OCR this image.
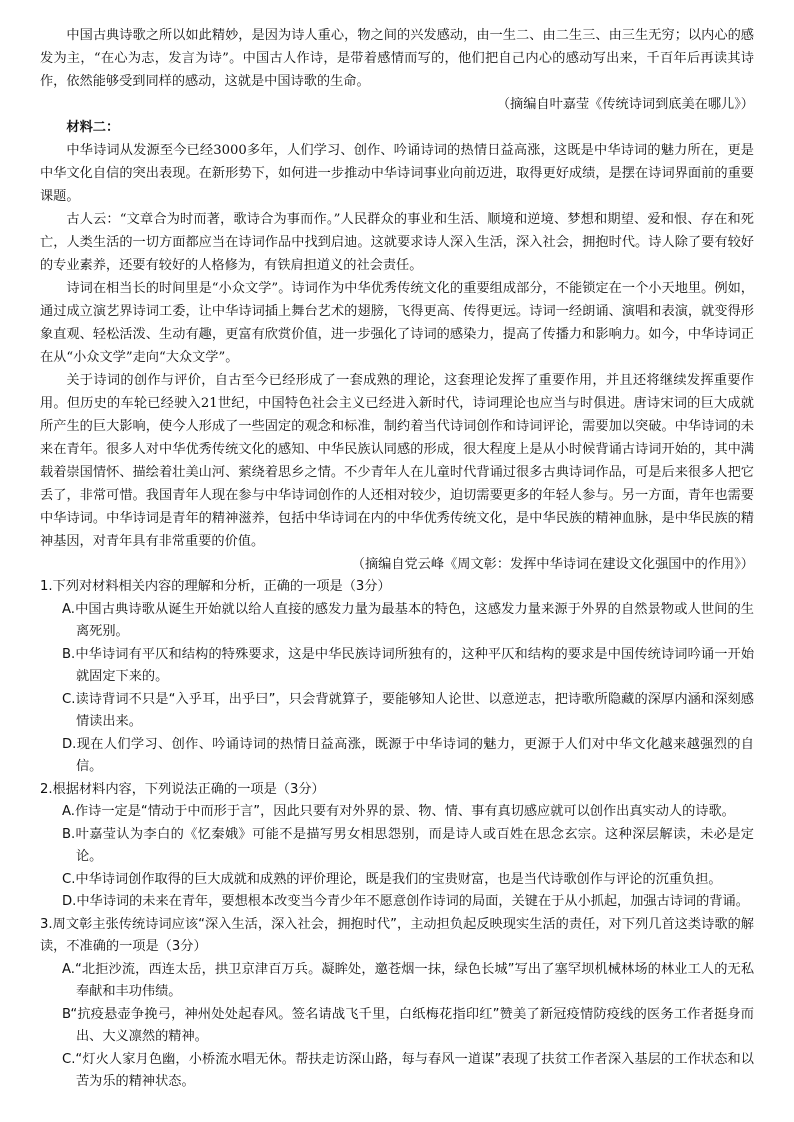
中国古典诗歌之所以如此精妙，是因为诗人重心，物之间的兴发感动，由一生二、由二生三、由三生无穷；以内心的感发为主，“在心为志，发言为诗”。中国古人作诗，是带着感情而写的，他们把自己内心的感动写出来，千百年后再读其诗作，依然能够受到同样的感动，这就是中国诗歌的生命。

（摘编自叶嘉莹《传统诗词到底美在哪儿》）

材料二：

中华诗词从发源至今已经3000多年，人们学习、创作、吟诵诗词的热情日益高涨，这既是中华诗词的魅力所在，更是中华文化自信的突出表现。在新形势下，如何进一步推动中华诗词事业向前迈进，取得更好成绩，是摆在诗词界面前的重要课题。

古人云：“文章合为时而著，歌诗合为事而作。”人民群众的事业和生活、顺境和逆境、梦想和期望、爱和恨、存在和死亡，人类生活的一切方面都应当在诗词作品中找到启迪。这就要求诗人深入生活，深入社会，拥抱时代。诗人除了要有较好的专业素养，还要有较好的人格修为，有铁肩担道义的社会责任。

诗词在相当长的时间里是“小众文学”。诗词作为中华优秀传统文化的重要组成部分，不能锁定在一个小天地里。例如，通过成立演艺界诗词工委，让中华诗词插上舞台艺术的翅膀，飞得更高、传得更远。诗词一经朗诵、演唱和表演，就变得形象直观、轻松活泼、生动有趣，更富有欣赏价值，进一步强化了诗词的感染力，提高了传播力和影响力。如今，中华诗词正在从“小众文学”走向“大众文学”。

关于诗词的创作与评价，自古至今已经形成了一套成熟的理论，这套理论发挥了重要作用，并且还将继续发挥重要作用。但历史的车轮已经驶入21世纪，中国特色社会主义已经进入新时代，诗词理论也应当与时俱进。唐诗宋词的巨大成就所产生的巨大影响，使今人形成了一些固定的观念和标准，制约着当代诗词创作和诗词评论，需要加以突破。中华诗词的未来在青年。很多人对中华优秀传统文化的感知、中华民族认同感的形成，很大程度上是从小时候背诵古诗词开始的，其中满载着崇国情怀、描绘着壮美山河、萦绕着思乡之情。不少青年人在儿童时代背诵过很多古典诗词作品，可是后来很多人把它丢了，非常可惜。我国青年人现在参与中华诗词创作的人还相对较少，迫切需要更多的年轻人参与。另一方面，青年也需要中华诗词。中华诗词是青年的精神滋养，包括中华诗词在内的中华优秀传统文化，是中华民族的精神血脉，是中华民族的精神基因，对青年具有非常重要的价值。

（摘编自党云峰《周文彰：发挥中华诗词在建设文化强国中的作用》）

1.下列对材料相关内容的理解和分析，正确的一项是（3分）

A.中国古典诗歌从诞生开始就以给人直接的感发力量为最基本的特色，这感发力量来源于外界的自然景物或人世间的生离死别。

B.中华诗词有平仄和结构的特殊要求，这是中华民族诗词所独有的，这种平仄和结构的要求是中国传统诗词吟诵一开始就固定下来的。

C.读诗背词不只是“入乎耳，出乎曰”，只会背就算子，要能够知人论世、以意逆志，把诗歌所隐藏的深厚内涵和深刻感情读出来。

D.现在人们学习、创作、吟诵诗词的热情日益高涨，既源于中华诗词的魅力，更源于人们对中华文化越来越强烈的自信。

2.根据材料内容，下列说法正确的一项是（3分）

A.作诗一定是“情动于中而形于言”，因此只要有对外界的景、物、情、事有真切感应就可以创作出真实动人的诗歌。

B.叶嘉莹认为李白的《忆秦娥》可能不是描写男女相思怨别，而是诗人或百姓在思念玄宗。这种深层解读，未必是定论。

C.中华诗词创作取得的巨大成就和成熟的评价理论，既是我们的宝贵财富，也是当代诗歌创作与评论的沉重负担。

D.中华诗词的未来在青年，要想根本改变当今青少年不愿意创作诗词的局面，关键在于从小抓起，加强古诗词的背诵。

3.周文彰主张传统诗词应该“深入生活，深入社会，拥抱时代”，主动担负起反映现实生活的责任，对下列几首这类诗歌的解读，不准确的一项是（3分）

A.“北拒沙流，西连太岳，拱卫京津百万兵。凝眸处，邀苍烟一抹，绿色长城”写出了塞罕坝机械林场的林业工人的无私奉献和丰功伟绩。

B“抗疫悬壶争挽弓，神州处处起春风。签名请战飞千里，白纸梅花指印红”赞美了新冠疫情防疫线的医务工作者挺身而出、大义凛然的精神。

C.“灯火人家月色幽，小桥流水唱无休。帮扶走访深山路，每与春风一道谋”表现了扶贫工作者深入基层的工作状态和以苦为乐的精神状态。
